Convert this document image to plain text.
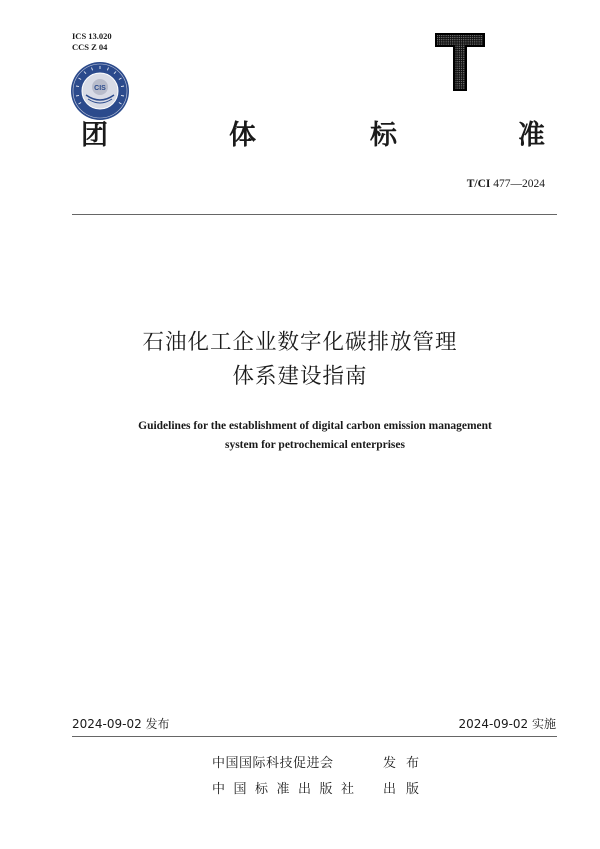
ICS 13.020
CCS Z 04
CIS
团	体	标	准
T/CI 477—2024
石油化工企业数字化碳排放管理
体系建设指南
Guidelines for the establishment of digital carbon emission management
system for petrochemical enterprises
2024-09-02 发布	2024-09-02 实施
中国国际科技促进会	发布
中国标准出版社 出版
